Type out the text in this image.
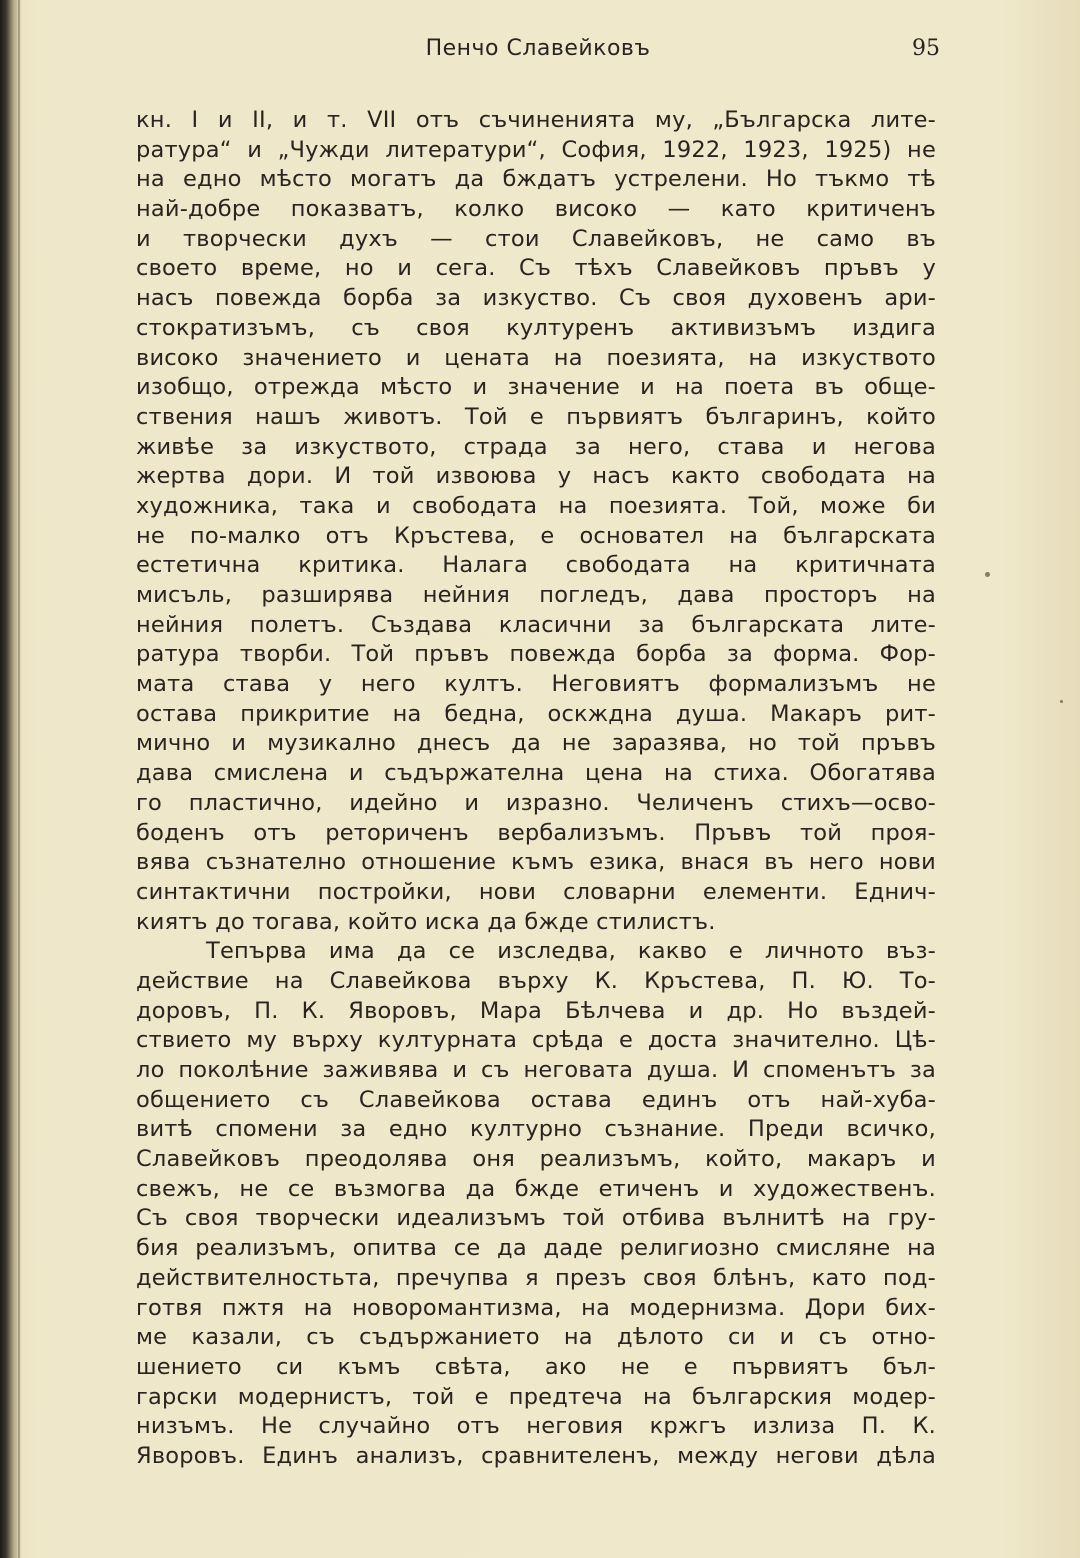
Пенчо Славейковъ	95
кн. I и II, и т. VII отъ съчиненията му, „Българска лите-
ратура“ и „Чужди литератури“, София, 1922, 1923, 1925) не
на едно мѣсто могатъ да бждатъ устрелени. Но тъкмо тѣ
най-добре показватъ, колко високо — като критиченъ
и творчески духъ — стои Славейковъ, не само въ
своето време, но и сега. Съ тѣхъ Славейковъ пръвъ у
насъ повежда борба за изкуство. Съ своя духовенъ ари-
стократизъмъ, съ своя културенъ активизъмъ издига
високо значението и цената на поезията, на изкуството
изобщо, отрежда мѣсто и значение и на поета въ обще-
ствения нашъ животъ. Той е първиятъ българинъ, който
живѣе за изкуството, страда за него, става и негова
жертва дори. И той извоюва у насъ както свободата на
художника, така и свободата на поезията. Той, може би
не по-малко отъ Кръстева, е основател на българската
естетична критика. Налага свободата на критичната
мисъль, разширява нейния погледъ, дава просторъ на
нейния полетъ. Създава класични за българската лите-
ратура творби. Той пръвъ повежда борба за форма. Фор-
мата става у него култъ. Неговиятъ формализъмъ не
остава прикритие на бедна, оскждна душа. Макаръ рит-
мично и музикално днесъ да не заразява, но той пръвъ
дава смислена и съдържателна цена на стиха. Обогатява
го пластично, идейно и изразно. Челиченъ стихъ—осво-
боденъ отъ реториченъ вербализъмъ. Пръвъ той проя-
вява съзнателно отношение къмъ езика, внася въ него нови
синтактични постройки, нови словарни елементи. Еднич-
киятъ до тогава, който иска да бжде стилистъ.
Тепърва има да се изследва, какво е личното въз-
действие на Славейкова върху К. Кръстева, П. Ю. То-
доровъ, П. К. Яворовъ, Мара Бѣлчева и др. Но въздей-
ствието му върху културната срѣда е доста значително. Цѣ-
ло поколѣние заживява и съ неговата душа. И споменътъ за
общението съ Славейкова остава единъ отъ най-хуба-
витѣ спомени за едно културно съзнание. Преди всичко,
Славейковъ преодолява оня реализъмъ, който, макаръ и
свежъ, не се възмогва да бжде етиченъ и художественъ.
Съ своя творчески идеализъмъ той отбива вълнитѣ на гру-
бия реализъмъ, опитва се да даде религиозно смисляне на
действителностьта, пречупва я презъ своя блѣнъ, като под-
готвя пжтя на новоромантизма, на модернизма. Дори бих-
ме казали, съ съдържанието на дѣлото си и съ отно-
шението си къмъ свѣта, ако не е първиятъ бъл-
гарски модернистъ, той е предтеча на българския модер-
низъмъ. Не случайно отъ неговия кржгъ излиза П. К.
Яворовъ. Единъ анализъ, сравнителенъ, между негови дѣла
